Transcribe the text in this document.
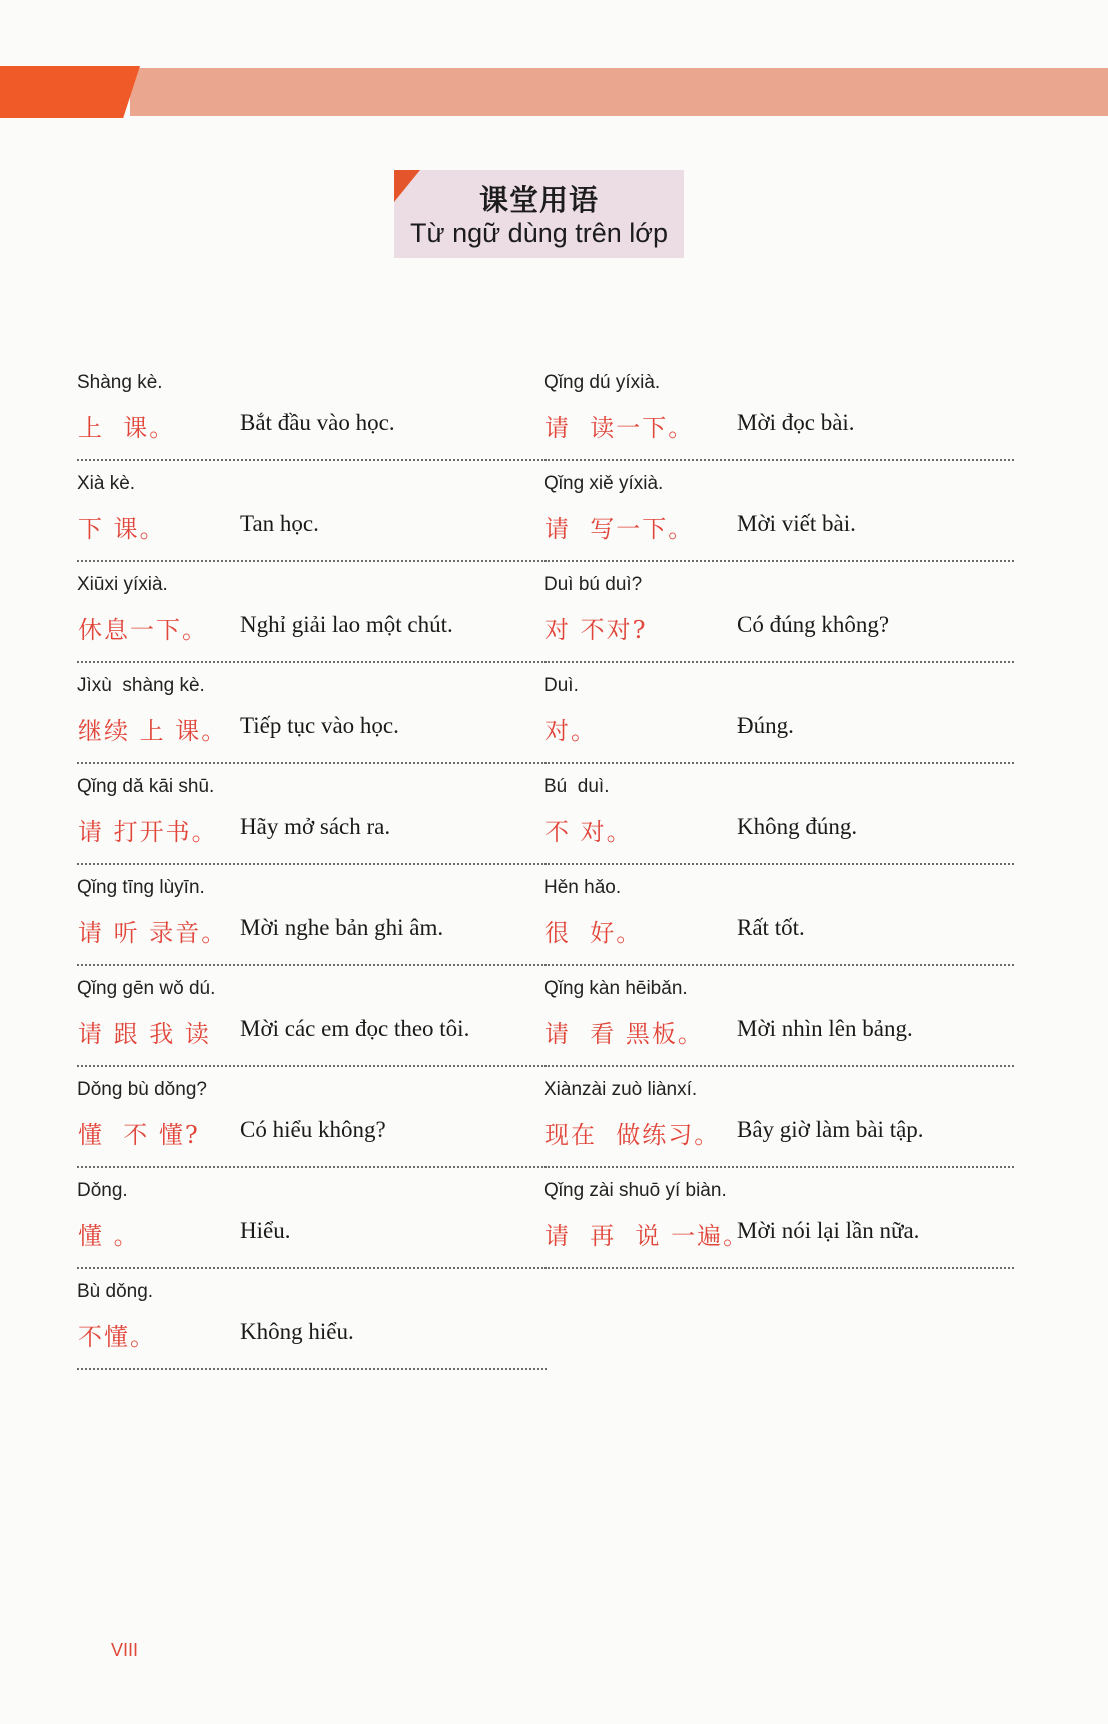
课堂用语
Từ ngữ dùng trên lớp
Shàng kè.
上  课。	Bắt đầu vào học.
Xià kè.
下 课。	Tan học.
Xiūxi yíxià.
休息一下。 Nghỉ giải lao một chút.
Jìxù  shàng kè.
继续 上 课。 Tiếp tục vào học.
Qǐng dǎ kāi shū.
请 打开书。 Hãy mở sách ra.
Qǐng tīng lùyīn.
请 听 录音。 Mời nghe bản ghi âm.
Qǐng gēn wǒ dú.
请 跟 我 读 Mời các em đọc theo tôi.
Dǒng bù dǒng?
懂  不 懂? Có hiểu không?
Dǒng.
懂 。	Hiểu.
Bù dǒng.
不懂。	Không hiểu.
Qǐng dú yíxià.
请  读一下。 Mời đọc bài.
Qǐng xiě yíxià.
请  写一下。 Mời viết bài.
Duì bú duì?
对 不对?	Có đúng không?
Duì.
对。	Đúng.
Bú  duì.
不 对。	Không đúng.
Hěn hǎo.
很  好。	Rất tốt.
Qǐng kàn hēibǎn.
请  看 黑板。 Mời nhìn lên bảng.
Xiànzài zuò liànxí.
现在  做练习。 Bây giờ làm bài tập.
Qǐng zài shuō yí biàn.
请  再  说 一遍。
Mời nói lại lần nữa.
VIII
